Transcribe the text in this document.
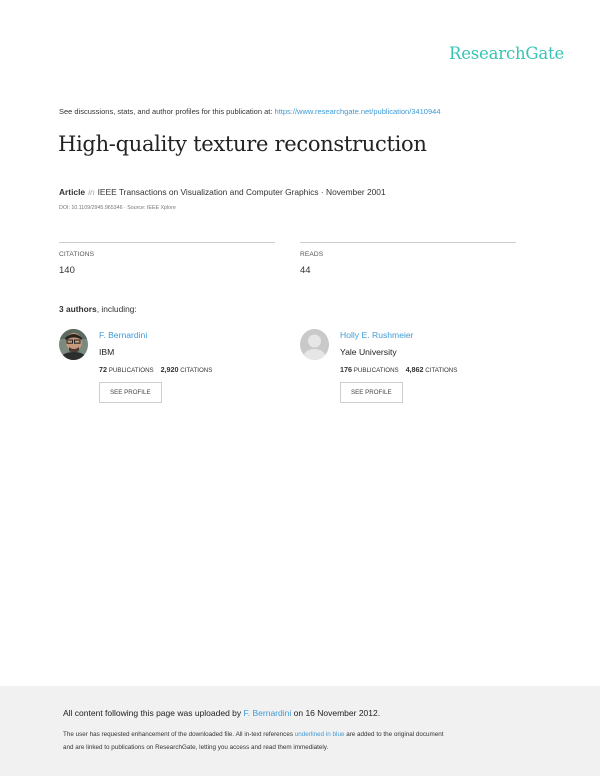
ResearchGate
See discussions, stats, and author profiles for this publication at: https://www.researchgate.net/publication/3410944
High-quality texture reconstruction
Article in IEEE Transactions on Visualization and Computer Graphics · November 2001
DOI: 10.1109/2945.965346 · Source: IEEE Xplore
CITATIONS
140
READS
44
3 authors, including:
F. Bernardini
IBM
72 PUBLICATIONS 2,920 CITATIONS
SEE PROFILE
Holly E. Rushmeier
Yale University
176 PUBLICATIONS 4,862 CITATIONS
SEE PROFILE
All content following this page was uploaded by F. Bernardini on 16 November 2012.
The user has requested enhancement of the downloaded file. All in-text references underlined in blue are added to the original document
and are linked to publications on ResearchGate, letting you access and read them immediately.
